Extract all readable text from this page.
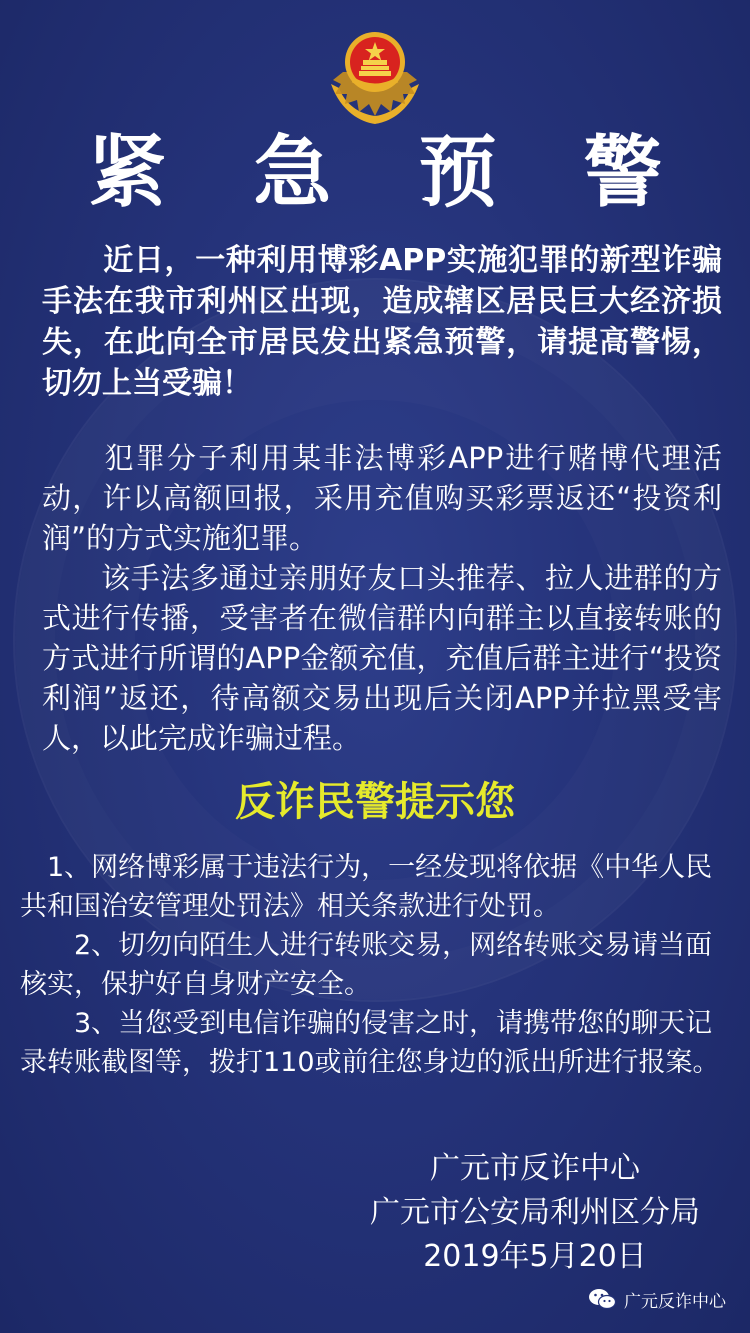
紧 急 预 警

　　近日，一种利用博彩APP实施犯罪的新型诈骗手法在我市利州区出现，造成辖区居民巨大经济损失，在此向全市居民发出紧急预警，请提高警惕，切勿上当受骗！

　　犯罪分子利用某非法博彩APP进行赌博代理活动，许以高额回报，采用充值购买彩票返还“投资利润”的方式实施犯罪。

　　该手法多通过亲朋好友口头推荐、拉人进群的方式进行传播，受害者在微信群内向群主以直接转账的方式进行所谓的APP金额充值，充值后群主进行“投资利润”返还，待高额交易出现后关闭APP并拉黑受害人，以此完成诈骗过程。

反诈民警提示您

　1、网络博彩属于违法行为，一经发现将依据《中华人民共和国治安管理处罚法》相关条款进行处罚。

　　2、切勿向陌生人进行转账交易，网络转账交易请当面核实，保护好自身财产安全。

　　3、当您受到电信诈骗的侵害之时，请携带您的聊天记录转账截图等，拨打110或前往您身边的派出所进行报案。

广元市反诈中心
广元市公安局利州区分局
2019年5月20日
广元反诈中心
